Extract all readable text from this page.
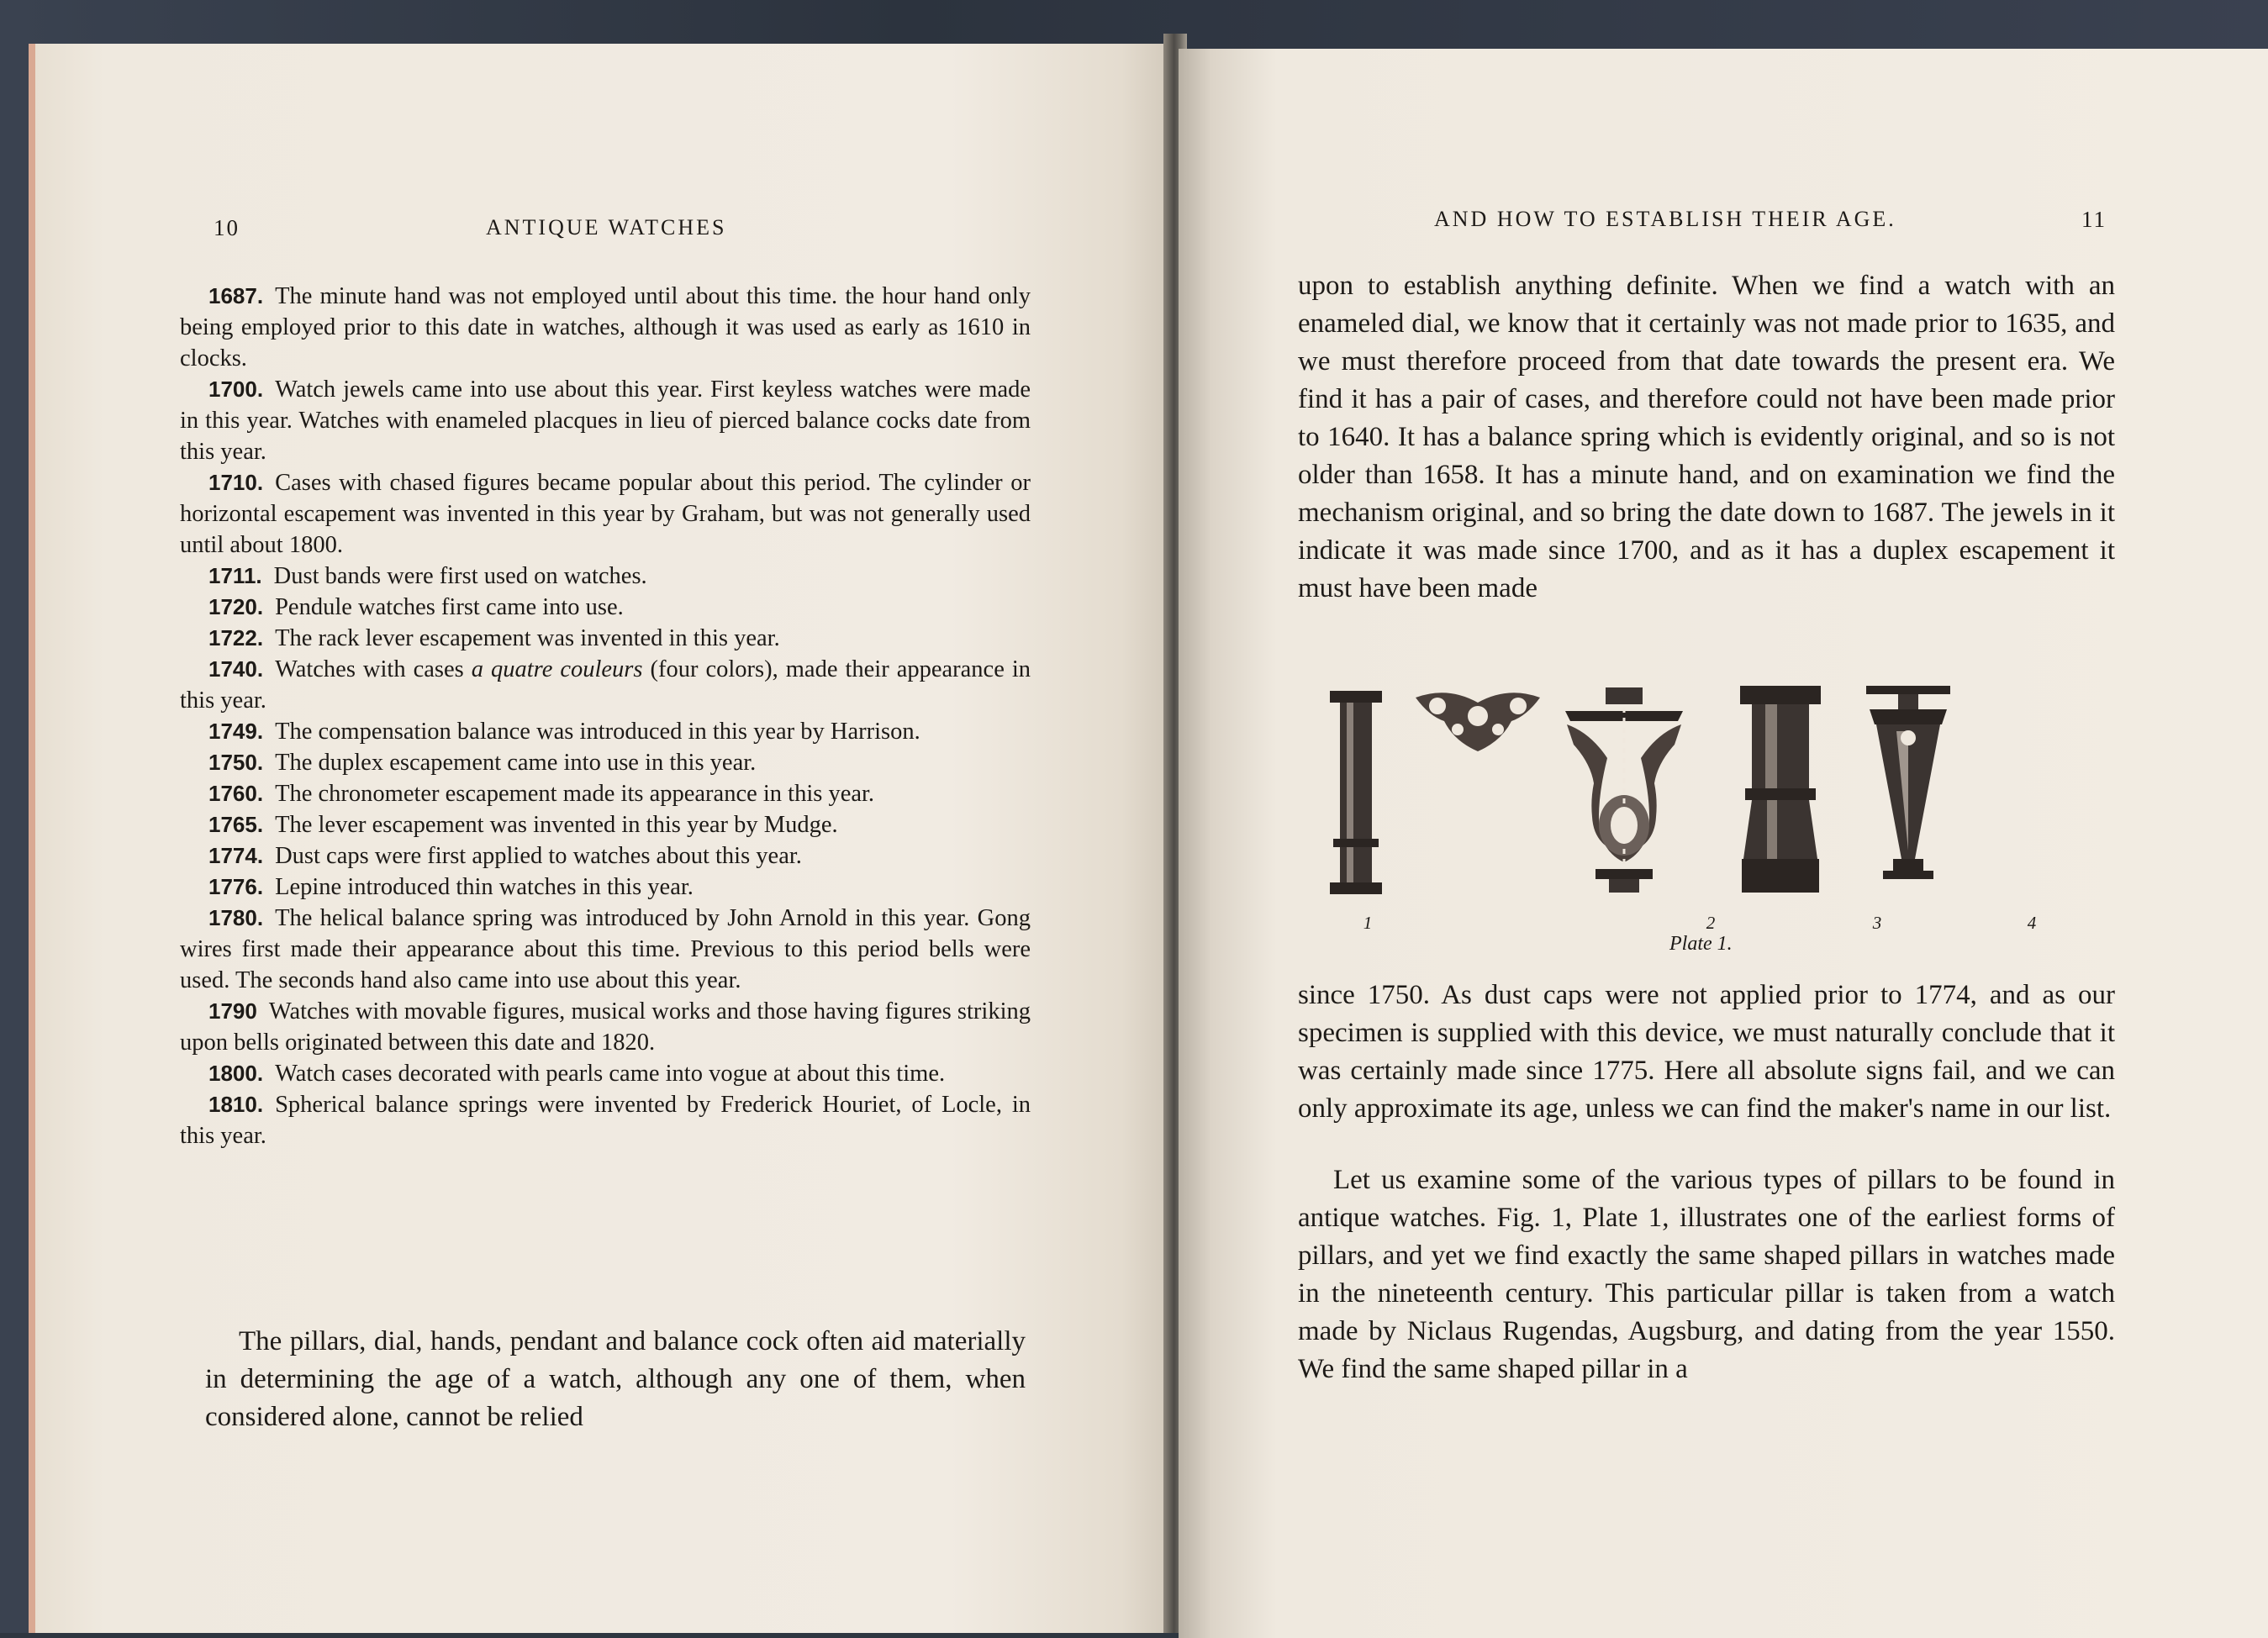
10	ANTIQUE WATCHES

1687. The minute hand was not employed until about this time. the hour hand only being employed prior to this date in watches, although it was used as early as 1610 in clocks.

1700. Watch jewels came into use about this year. First keyless watches were made in this year. Watches with enameled placques in lieu of pierced balance cocks date from this year.

1710. Cases with chased figures became popular about this period. The cylinder or horizontal escapement was invented in this year by Graham, but was not generally used until about 1800.

1711. Dust bands were first used on watches.

1720. Pendule watches first came into use.

1722. The rack lever escapement was invented in this year.

1740. Watches with cases a quatre couleurs (four colors), made their appearance in this year.

1749. The compensation balance was introduced in this year by Harrison.

1750. The duplex escapement came into use in this year.

1760. The chronometer escapement made its appearance in this year.

1765. The lever escapement was invented in this year by Mudge.

1774. Dust caps were first applied to watches about this year.

1776. Lepine introduced thin watches in this year.

1780. The helical balance spring was introduced by John Arnold in this year. Gong wires first made their appearance about this time. Previous to this period bells were used. The seconds hand also came into use about this year.

1790 Watches with movable figures, musical works and those having figures striking upon bells originated between this date and 1820.

1800. Watch cases decorated with pearls came into vogue at about this time.

1810. Spherical balance springs were invented by Frederick Houriet, of Locle, in this year.

The pillars, dial, hands, pendant and balance cock often aid materially in determining the age of a watch, although any one of them, when considered alone, cannot be relied

AND HOW TO ESTABLISH THEIR AGE.	11

upon to establish anything definite. When we find a watch with an enameled dial, we know that it certainly was not made prior to 1635, and we must therefore proceed from that date towards the present era. We find it has a pair of cases, and therefore could not have been made prior to 1640. It has a balance spring which is evidently original, and so is not older than 1658. It has a minute hand, and on examination we find the mechanism original, and so bring the date down to 1687. The jewels in it indicate it was made since 1700, and as it has a duplex escapement it must have been made

1	2	3	4
Plate 1.

since 1750. As dust caps were not applied prior to 1774, and as our specimen is supplied with this device, we must naturally conclude that it was certainly made since 1775. Here all absolute signs fail, and we can only approximate its age, unless we can find the maker's name in our list.

Let us examine some of the various types of pillars to be found in antique watches. Fig. 1, Plate 1, illustrates one of the earliest forms of pillars, and yet we find exactly the same shaped pillars in watches made in the nineteenth century. This particular pillar is taken from a watch made by Niclaus Rugendas, Augsburg, and dating from the year 1550. We find the same shaped pillar in a
